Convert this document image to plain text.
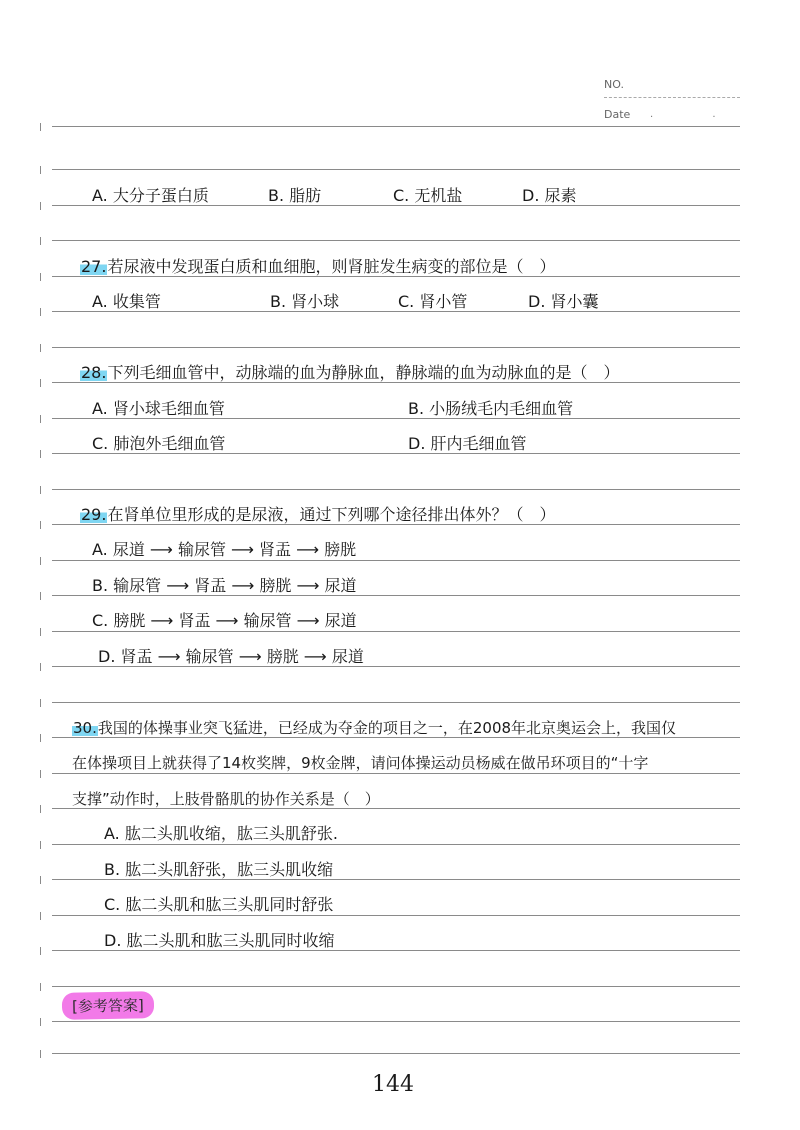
NO.
Date · ·
A. 大分子蛋白质	B. 脂肪	C. 无机盐	D. 尿素
27.若尿液中发现蛋白质和血细胞，则肾脏发生病变的部位是（　）
A. 收集管	B. 肾小球	C. 肾小管	D. 肾小囊
28.下列毛细血管中，动脉端的血为静脉血，静脉端的血为动脉血的是（　）
A. 肾小球毛细血管	B. 小肠绒毛内毛细血管
C. 肺泡外毛细血管	D. 肝内毛细血管
29.在肾单位里形成的是尿液，通过下列哪个途径排出体外？（　）
A. 尿道 ⟶ 输尿管 ⟶ 肾盂 ⟶ 膀胱
B. 输尿管 ⟶ 肾盂 ⟶ 膀胱 ⟶ 尿道
C. 膀胱 ⟶ 肾盂 ⟶ 输尿管 ⟶ 尿道
D. 肾盂 ⟶ 输尿管 ⟶ 膀胱 ⟶ 尿道
30.我国的体操事业突飞猛进，已经成为夺金的项目之一，在2008年北京奥运会上，我国仅
在体操项目上就获得了14枚奖牌，9枚金牌，请问体操运动员杨威在做吊环项目的“十字
支撑”动作时，上肢骨骼肌的协作关系是（　）
A. 肱二头肌收缩，肱三头肌舒张.
B. 肱二头肌舒张，肱三头肌收缩
C. 肱二头肌和肱三头肌同时舒张
D. 肱二头肌和肱三头肌同时收缩
[参考答案]
144
